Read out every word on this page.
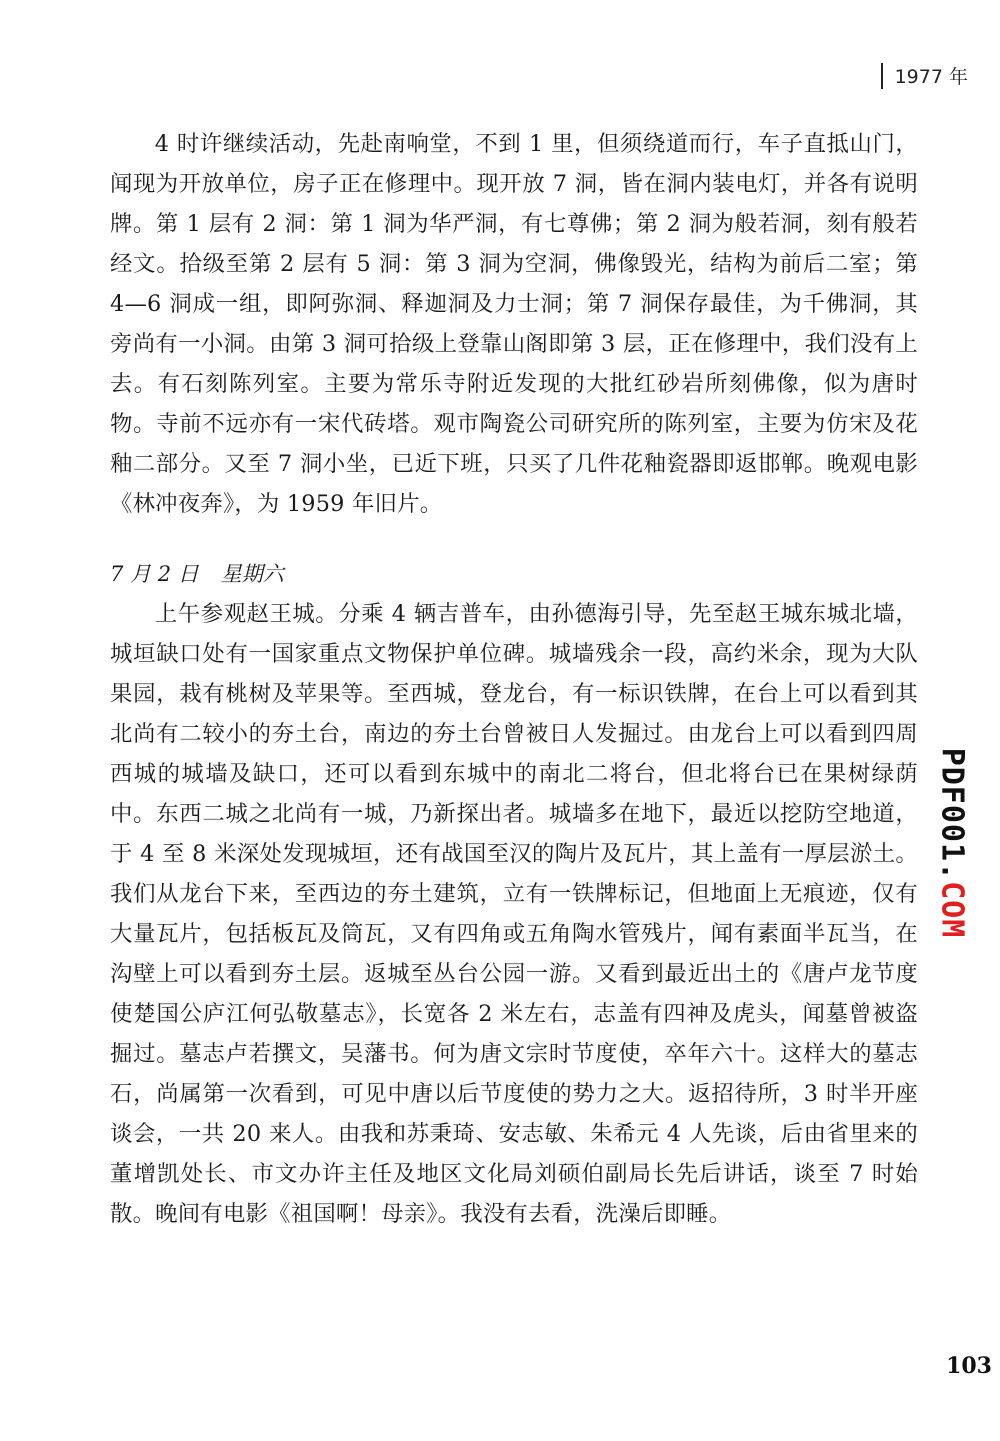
1977 年

4 时许继续活动，先赴南响堂，不到 1 里，但须绕道而行，车子直抵山门，闻现为开放单位，房子正在修理中。现开放 7 洞，皆在洞内装电灯，并各有说明牌。第 1 层有 2 洞：第 1 洞为华严洞，有七尊佛；第 2 洞为般若洞，刻有般若经文。拾级至第 2 层有 5 洞：第 3 洞为空洞，佛像毁光，结构为前后二室；第 4—6 洞成一组，即阿弥洞、释迦洞及力士洞；第 7 洞保存最佳，为千佛洞，其旁尚有一小洞。由第 3 洞可拾级上登靠山阁即第 3 层，正在修理中，我们没有上去。有石刻陈列室。主要为常乐寺附近发现的大批红砂岩所刻佛像，似为唐时物。寺前不远亦有一宋代砖塔。观市陶瓷公司研究所的陈列室，主要为仿宋及花釉二部分。又至 7 洞小坐，已近下班，只买了几件花釉瓷器即返邯郸。晚观电影《林冲夜奔》，为 1959 年旧片。

7 月 2 日 星期六

上午参观赵王城。分乘 4 辆吉普车，由孙德海引导，先至赵王城东城北墙，城垣缺口处有一国家重点文物保护单位碑。城墙残余一段，高约米余，现为大队果园，栽有桃树及苹果等。至西城，登龙台，有一标识铁牌，在台上可以看到其北尚有二较小的夯土台，南边的夯土台曾被日人发掘过。由龙台上可以看到四周西城的城墙及缺口，还可以看到东城中的南北二将台，但北将台已在果树绿荫中。东西二城之北尚有一城，乃新探出者。城墙多在地下，最近以挖防空地道，于 4 至 8 米深处发现城垣，还有战国至汉的陶片及瓦片，其上盖有一厚层淤土。我们从龙台下来，至西边的夯土建筑，立有一铁牌标记，但地面上无痕迹，仅有大量瓦片，包括板瓦及筒瓦，又有四角或五角陶水管残片，闻有素面半瓦当，在沟壁上可以看到夯土层。返城至丛台公园一游。又看到最近出土的《唐卢龙节度使楚国公庐江何弘敬墓志》，长宽各 2 米左右，志盖有四神及虎头，闻墓曾被盗掘过。墓志卢若撰文，吴藩书。何为唐文宗时节度使，卒年六十。这样大的墓志石，尚属第一次看到，可见中唐以后节度使的势力之大。返招待所，3 时半开座谈会，一共 20 来人。由我和苏秉琦、安志敏、朱希元 4 人先谈，后由省里来的董增凯处长、市文办许主任及地区文化局刘硕伯副局长先后讲话，谈至 7 时始散。晚间有电影《祖国啊！母亲》。我没有去看，洗澡后即睡。

PDF001.COM
103
